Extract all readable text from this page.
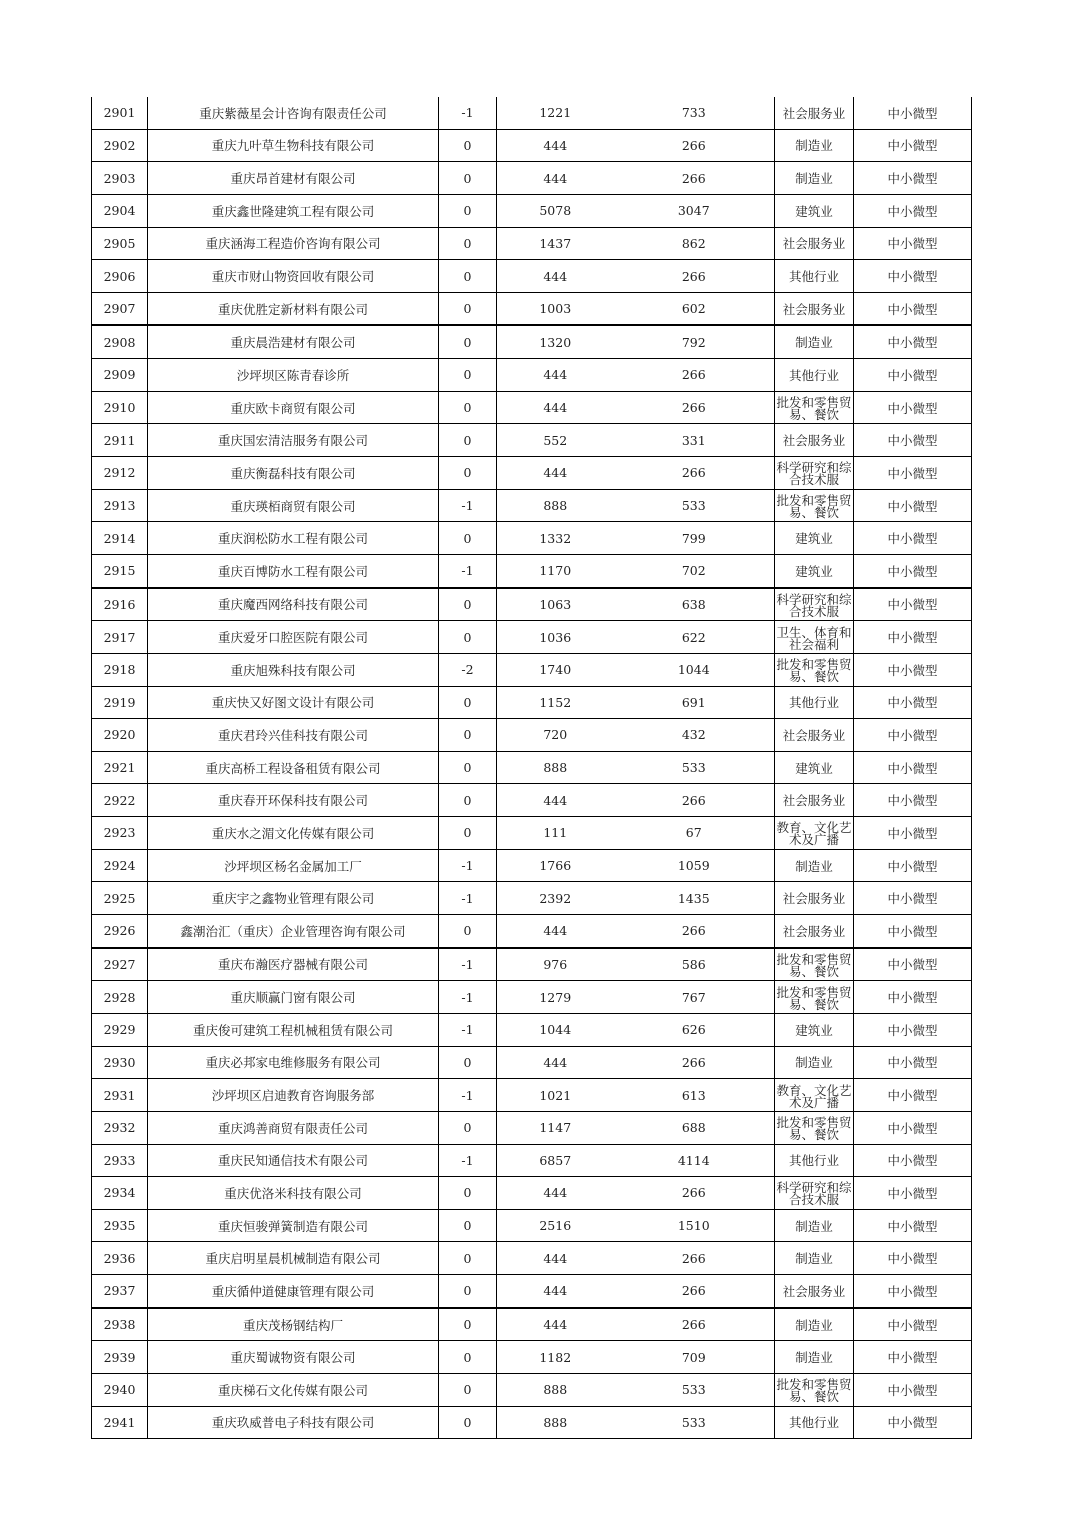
2901	重庆紫薇星会计咨询有限责任公司	-1	1221	733	社会服务业	中小微型
2902	重庆九叶草生物科技有限公司	0	444	266	制造业	中小微型
2903	重庆昂首建材有限公司	0	444	266	制造业	中小微型
2904	重庆鑫世隆建筑工程有限公司	0	5078	3047	建筑业	中小微型
2905	重庆涵海工程造价咨询有限公司	0	1437	862	社会服务业	中小微型
2906	重庆市财山物资回收有限公司	0	444	266	其他行业	中小微型
2907	重庆优胜定新材料有限公司	0	1003	602	社会服务业	中小微型
2908	重庆晨浩建材有限公司	0	1320	792	制造业	中小微型
2909	沙坪坝区陈青春诊所	0	444	266	其他行业	中小微型
2910	重庆欧卡商贸有限公司	0	444	266	批发和零售贸易、餐饮	中小微型
2911	重庆国宏清洁服务有限公司	0	552	331	社会服务业	中小微型
2912	重庆衡磊科技有限公司	0	444	266	科学研究和综合技术服	中小微型
2913	重庆瑛栢商贸有限公司	-1	888	533	批发和零售贸易、餐饮	中小微型
2914	重庆润松防水工程有限公司	0	1332	799	建筑业	中小微型
2915	重庆百博防水工程有限公司	-1	1170	702	建筑业	中小微型
2916	重庆魔西网络科技有限公司	0	1063	638	科学研究和综合技术服	中小微型
2917	重庆爱牙口腔医院有限公司	0	1036	622	卫生、体育和社会福利	中小微型
2918	重庆旭殊科技有限公司	-2	1740	1044	批发和零售贸易、餐饮	中小微型
2919	重庆快又好图文设计有限公司	0	1152	691	其他行业	中小微型
2920	重庆君玲兴佳科技有限公司	0	720	432	社会服务业	中小微型
2921	重庆高桥工程设备租赁有限公司	0	888	533	建筑业	中小微型
2922	重庆春开环保科技有限公司	0	444	266	社会服务业	中小微型
2923	重庆水之湄文化传媒有限公司	0	111	67	教育、文化艺术及广播	中小微型
2924	沙坪坝区杨名金属加工厂	-1	1766	1059	制造业	中小微型
2925	重庆宇之鑫物业管理有限公司	-1	2392	1435	社会服务业	中小微型
2926	鑫潮治汇（重庆）企业管理咨询有限公司	0	444	266	社会服务业	中小微型
2927	重庆布瀚医疗器械有限公司	-1	976	586	批发和零售贸易、餐饮	中小微型
2928	重庆顺赢门窗有限公司	-1	1279	767	批发和零售贸易、餐饮	中小微型
2929	重庆俊可建筑工程机械租赁有限公司	-1	1044	626	建筑业	中小微型
2930	重庆必邦家电维修服务有限公司	0	444	266	制造业	中小微型
2931	沙坪坝区启迪教育咨询服务部	-1	1021	613	教育、文化艺术及广播	中小微型
2932	重庆鸿善商贸有限责任公司	0	1147	688	批发和零售贸易、餐饮	中小微型
2933	重庆民知通信技术有限公司	-1	6857	4114	其他行业	中小微型
2934	重庆优洛米科技有限公司	0	444	266	科学研究和综合技术服	中小微型
2935	重庆恒骏弹簧制造有限公司	0	2516	1510	制造业	中小微型
2936	重庆启明星晨机械制造有限公司	0	444	266	制造业	中小微型
2937	重庆循仲道健康管理有限公司	0	444	266	社会服务业	中小微型
2938	重庆茂杨钢结构厂	0	444	266	制造业	中小微型
2939	重庆蜀诚物资有限公司	0	1182	709	制造业	中小微型
2940	重庆梯石文化传媒有限公司	0	888	533	批发和零售贸易、餐饮	中小微型
2941	重庆玖威普电子科技有限公司	0	888	533	其他行业	中小微型
